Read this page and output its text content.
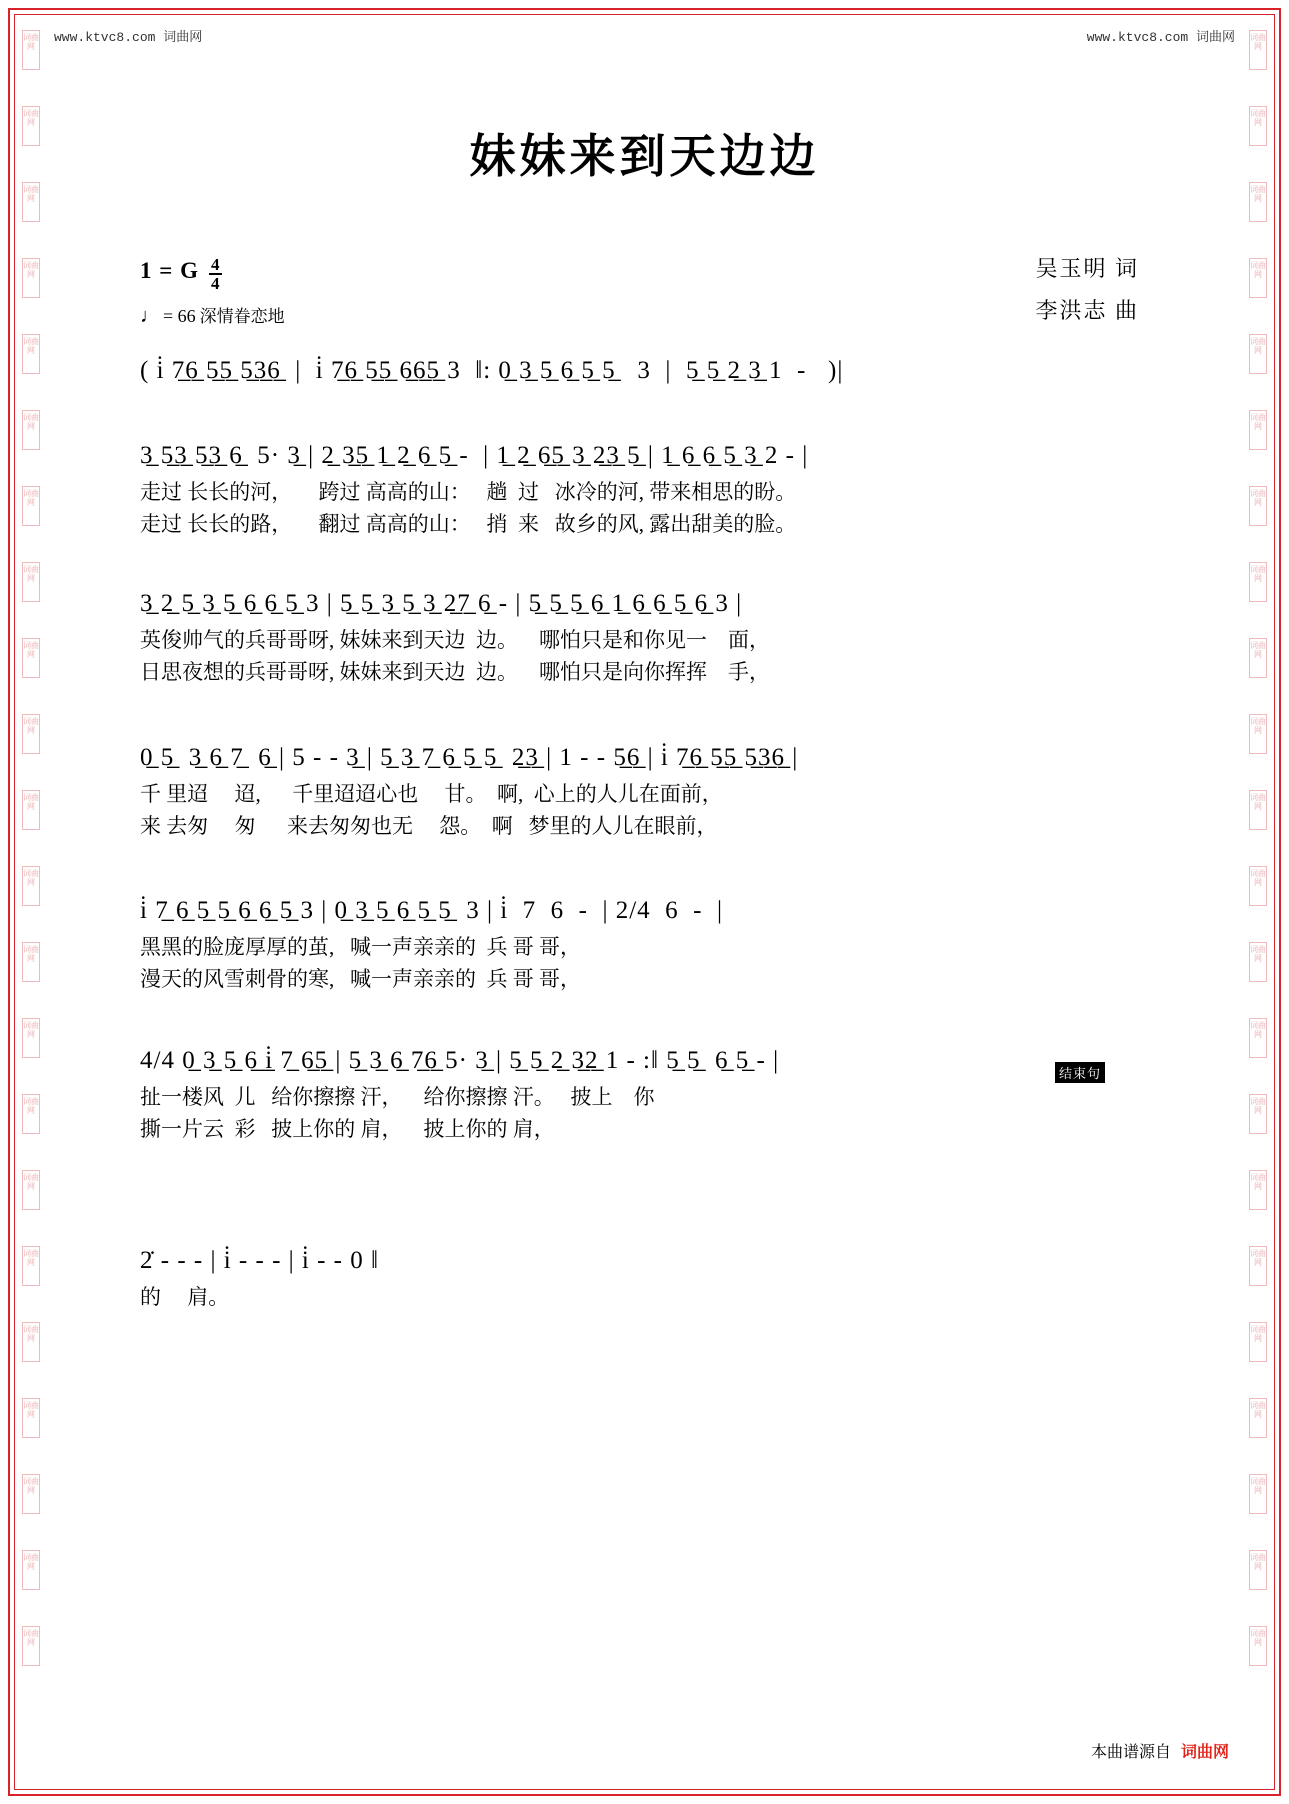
词曲网
词曲网
词曲网
词曲网
词曲网
词曲网
词曲网
词曲网
词曲网
词曲网
词曲网
词曲网
词曲网
词曲网
词曲网
词曲网
词曲网
词曲网
词曲网
词曲网
词曲网
词曲网
词曲网
词曲网
词曲网
词曲网
词曲网
词曲网
词曲网
词曲网
词曲网
词曲网
词曲网
词曲网
词曲网
词曲网
词曲网
词曲网
词曲网
词曲网
词曲网
词曲网
词曲网
词曲网
www.ktvc8.com 词曲网	www.ktvc8.com 词曲网
妹妹来到天边边
1 = G $\frac{4}{4}$
♩ = 66 深情眷恋地
吴玉明 词
李洪志 曲
( i̇ 7̲6̲ 5̲5̲ 5̲3̲6̲  |  i̇ 7̲6̲ 5̲5̲ 6̲6̲5̲ 3  ‖: 0̲ 3̲ 5̲ 6̲ 5̲ 5̲   3  |  5̲ 5̲ 2̲ 3̲ 1  -   )|
3̲ 5̲3̲ 5̲3̲ 6̲  5· 3̲ | 2̲ 3̲5̲ 1̲ 2̲ 6̲ 5̲ -  | 1̲ 2̲ 6̲5̲ 3̲ 2̲3̲ 5̲ | 1̲ 6̲ 6̲ 5̲ 3̲ 2 - |
走过 长长的河，     跨过 高高的山：   趟  过   冰冷的河, 带来相思的盼。
走过 长长的路，     翻过 高高的山：   捎  来   故乡的风, 露出甜美的脸。
3̲ 2̲ 5̲ 3̲ 5̲ 6̲ 6̲ 5̲ 3 | 5̲ 5̲ 3̲ 5̲ 3̲ 2̲7̲ 6̲ - | 5̲ 5̲ 5̲ 6̲ 1̲ 6̲ 6̲ 5̲ 6̲ 3 |
英俊帅气的兵哥哥呀, 妹妹来到天边  边。    哪怕只是和你见一    面，
日思夜想的兵哥哥呀, 妹妹来到天边  边。    哪怕只是向你挥挥    手，
0̲ 5̲  3̲ 6̲ 7̲  6̲ | 5 - - 3̲ | 5̲ 3̲ 7̲ 6̲ 5̲ 5̲  2̲3̲ | 1 - - 5̲6̲ | i̇ 7̲6̲ 5̲5̲ 5̲3̲6̲ |
千 里迢     迢,      千里迢迢心也     甘。  啊,  心上的人儿在面前，
来 去匆     匆      来去匆匆也无     怨。  啊   梦里的人儿在眼前，
i̇ 7̲ 6̲ 5̲ 5̲ 6̲ 6̲ 5̲ 3 | 0̲ 3̲ 5̲ 6̲ 5̲ 5̲  3 | i̇  7  6  -  | 2/4  6  -  |
黑黑的脸庞厚厚的茧,   喊一声亲亲的  兵 哥 哥，
漫天的风雪刺骨的寒,   喊一声亲亲的  兵 哥 哥，
4/4 0̲ 3̲ 5̲ 6̲ i̲̇ 7̲ 6̲5̲ | 5̲ 3̲ 6̲ 7̲6̲ 5· 3̲ | 5̲ 5̲ 2̲ 3̲2̲ 1 - :‖ 5̲ 5̲  6̲ 5̲ - |
扯一楼风  儿   给你擦擦 汗，    给你擦擦 汗。   披上    你
撕一片云  彩   披上你的 肩，    披上你的 肩，
结束句
2̇ - - - | i̇ - - - | i̇ - - 0 ‖
的     肩。
本曲谱源自 词曲网
